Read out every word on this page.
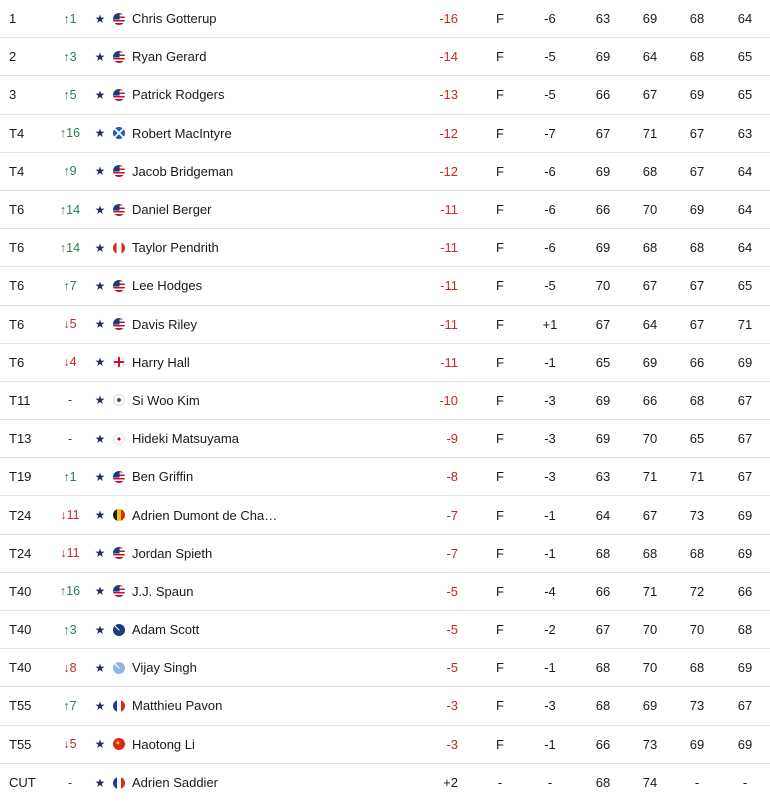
1	↑1	★ Chris Gotterup	-16	F	-6	63	69	68	64
2	↑3	★ Ryan Gerard	-14	F	-5	69	64	68	65
3	↑5	★ Patrick Rodgers	-13	F	-5	66	67	69	65
T4	↑16	★ Robert MacIntyre	-12	F	-7	67	71	67	63
T4	↑9	★ Jacob Bridgeman	-12	F	-6	69	68	67	64
T6	↑14	★ Daniel Berger	-11	F	-6	66	70	69	64
T6	↑14	★ Taylor Pendrith	-11	F	-6	69	68	68	64
T6	↑7	★ Lee Hodges	-11	F	-5	70	67	67	65
T6	↓5	★ Davis Riley	-11	F	+1	67	64	67	71
T6	↓4	★ Harry Hall	-11	F	-1	65	69	66	69
T11	-	★ Si Woo Kim	-10	F	-3	69	66	68	67
T13	-	★ Hideki Matsuyama	-9	F	-3	69	70	65	67
T19	↑1	★ Ben Griffin	-8	F	-3	63	71	71	67
T24	↓11	★ Adrien Dumont de Cha…	-7	F	-1	64	67	73	69
T24	↓11	★ Jordan Spieth	-7	F	-1	68	68	68	69
T40	↑16	★ J.J. Spaun	-5	F	-4	66	71	72	66
T40	↑3	★ Adam Scott	-5	F	-2	67	70	70	68
T40	↓8	★ Vijay Singh	-5	F	-1	68	70	68	69
T55	↑7	★ Matthieu Pavon	-3	F	-3	68	69	73	67
T55	↓5	★ Haotong Li	-3	F	-1	66	73	69	69
CUT	-	★ Adrien Saddier	+2	-	-	68	74	-	-
